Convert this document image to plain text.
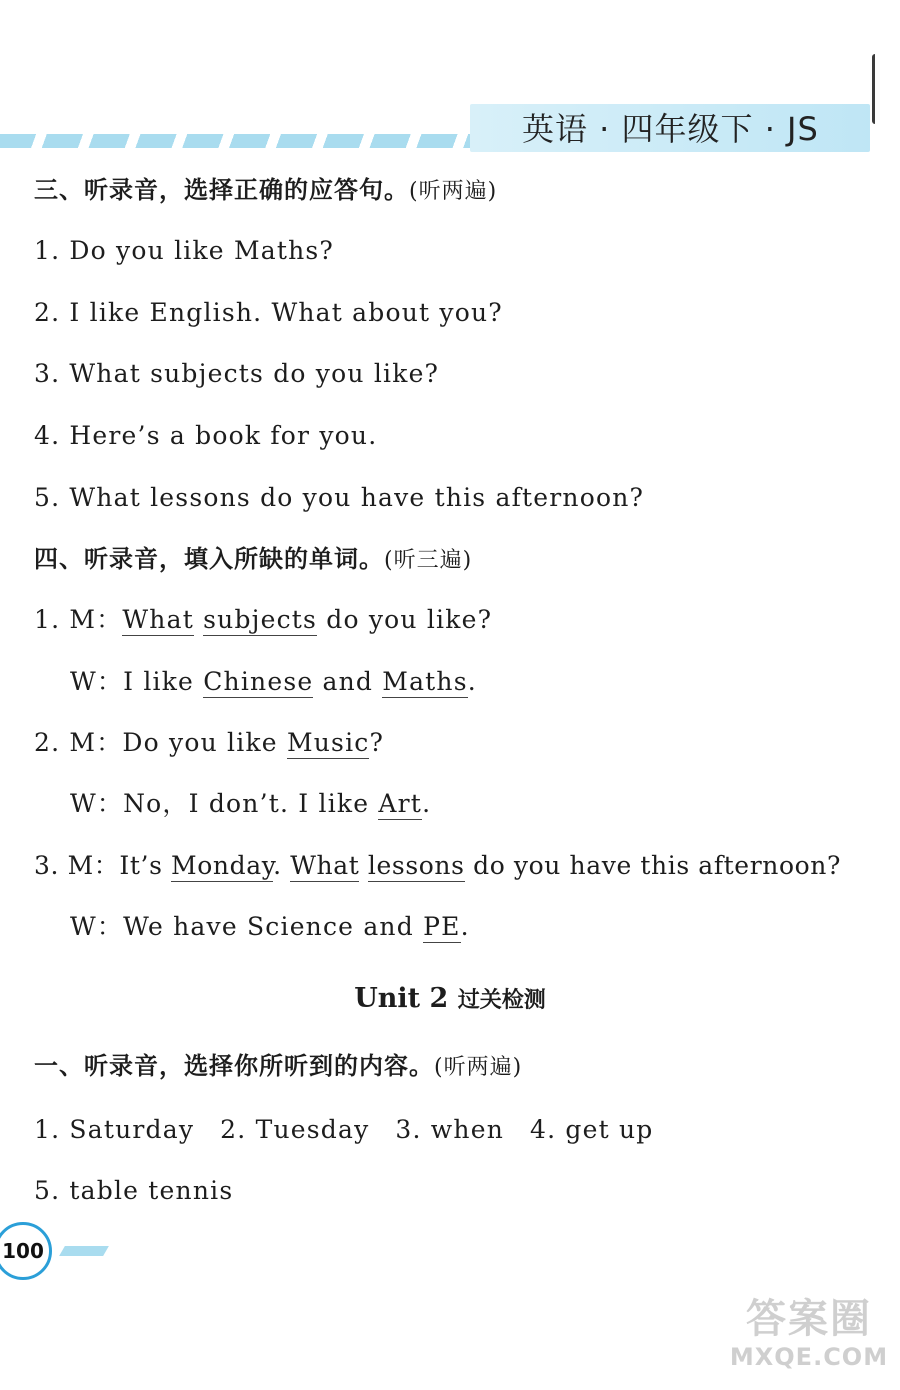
英语 · 四年级下 · JS
三、听录音，选择正确的应答句。(听两遍)
1. Do you like Maths?
2. I like English. What about you?
3. What subjects do you like?
4. Here’s a book for you.
5. What lessons do you have this afternoon?
四、听录音，填入所缺的单词。(听三遍)
1. M：What subjects do you like?
W：I like Chinese and Maths.
2. M：Do you like Music?
W：No，I don’t. I like Art.
3. M：It’s Monday. What lessons do you have this afternoon?
W：We have Science and PE.
Unit 2 过关检测
一、听录音，选择你所听到的内容。(听两遍)
1. Saturday 2. Tuesday 3. when 4. get up
5. table tennis
100
答案圈
MXQE.COM
